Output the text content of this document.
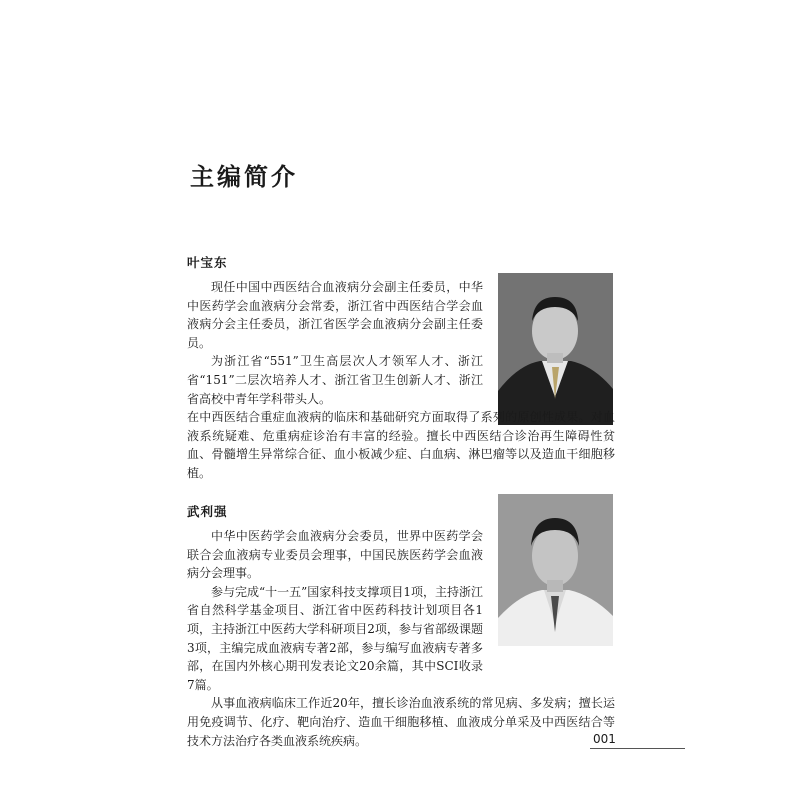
主编简介
叶宝东

现任中国中西医结合血液病分会副主任委员，中华中医药学会血液病分会常委，浙江省中西医结合学会血液病分会主任委员，浙江省医学会血液病分会副主任委员。

为浙江省“551”卫生高层次人才领军人才、浙江省“151”二层次培养人才、浙江省卫生创新人才、浙江省高校中青年学科带头人。

在中西医结合重症血液病的临床和基础研究方面取得了系列的原创性成果。对血液系统疑难、危重病症诊治有丰富的经验。擅长中西医结合诊治再生障碍性贫血、骨髓增生异常综合征、血小板减少症、白血病、淋巴瘤等以及造血干细胞移植。

武利强

中华中医药学会血液病分会委员，世界中医药学会联合会血液病专业委员会理事，中国民族医药学会血液病分会理事。

参与完成“十一五”国家科技支撑项目1项，主持浙江省自然科学基金项目、浙江省中医药科技计划项目各1项，主持浙江中医药大学科研项目2项，参与省部级课题3项，主编完成血液病专著2部，参与编写血液病专著多部，在国内外核心期刊发表论文20余篇，其中SCI收录7篇。

从事血液病临床工作近20年，擅长诊治血液系统的常见病、多发病；擅长运用免疫调节、化疗、靶向治疗、造血干细胞移植、血液成分单采及中西医结合等技术方法治疗各类血液系统疾病。	001
